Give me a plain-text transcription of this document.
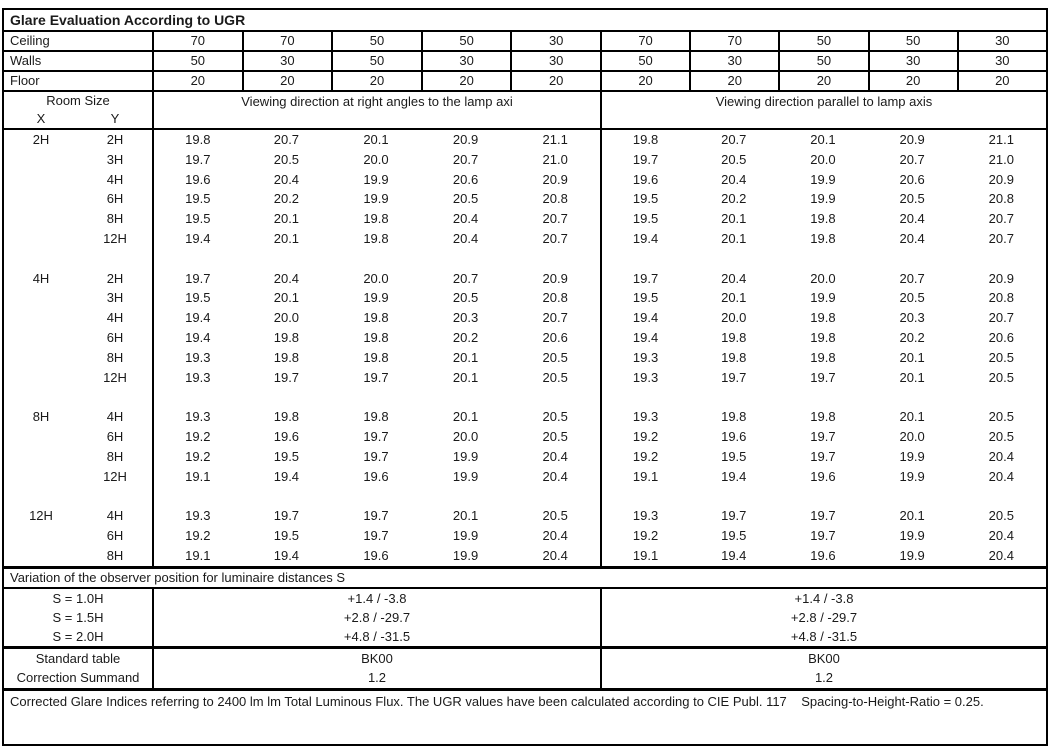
Glare Evaluation According to UGR
Ceiling	70	70	50	50	30	70	70	50	50	30
Walls	50	30	50	30	30	50	30	50	30	30
Floor	20	20	20	20	20	20	20	20	20	20
Room Size
X	Y
Viewing direction at right angles to the lamp axi	Viewing direction parallel to lamp axis
2H	2H	19.8	20.7	20.1	20.9	21.1	19.8	20.7	20.1	20.9	21.1
3H	19.7	20.5	20.0	20.7	21.0	19.7	20.5	20.0	20.7	21.0
4H	19.6	20.4	19.9	20.6	20.9	19.6	20.4	19.9	20.6	20.9
6H	19.5	20.2	19.9	20.5	20.8	19.5	20.2	19.9	20.5	20.8
8H	19.5	20.1	19.8	20.4	20.7	19.5	20.1	19.8	20.4	20.7
12H	19.4	20.1	19.8	20.4	20.7	19.4	20.1	19.8	20.4	20.7
4H	2H	19.7	20.4	20.0	20.7	20.9	19.7	20.4	20.0	20.7	20.9
3H	19.5	20.1	19.9	20.5	20.8	19.5	20.1	19.9	20.5	20.8
4H	19.4	20.0	19.8	20.3	20.7	19.4	20.0	19.8	20.3	20.7
6H	19.4	19.8	19.8	20.2	20.6	19.4	19.8	19.8	20.2	20.6
8H	19.3	19.8	19.8	20.1	20.5	19.3	19.8	19.8	20.1	20.5
12H	19.3	19.7	19.7	20.1	20.5	19.3	19.7	19.7	20.1	20.5
8H	4H	19.3	19.8	19.8	20.1	20.5	19.3	19.8	19.8	20.1	20.5
6H	19.2	19.6	19.7	20.0	20.5	19.2	19.6	19.7	20.0	20.5
8H	19.2	19.5	19.7	19.9	20.4	19.2	19.5	19.7	19.9	20.4
12H	19.1	19.4	19.6	19.9	20.4	19.1	19.4	19.6	19.9	20.4
12H	4H	19.3	19.7	19.7	20.1	20.5	19.3	19.7	19.7	20.1	20.5
6H	19.2	19.5	19.7	19.9	20.4	19.2	19.5	19.7	19.9	20.4
8H	19.1	19.4	19.6	19.9	20.4	19.1	19.4	19.6	19.9	20.4
Variation of the observer position for luminaire distances S
S = 1.0H	+1.4 / -3.8	+1.4 / -3.8
S = 1.5H	+2.8 / -29.7	+2.8 / -29.7
S = 2.0H	+4.8 / -31.5	+4.8 / -31.5
Standard table	BK00	BK00
Correction Summand	1.2	1.2
Corrected Glare Indices referring to 2400 lm lm Total Luminous Flux. The UGR values have been calculated according to CIE Publ. 117    Spacing-to-Height-Ratio = 0.25.
